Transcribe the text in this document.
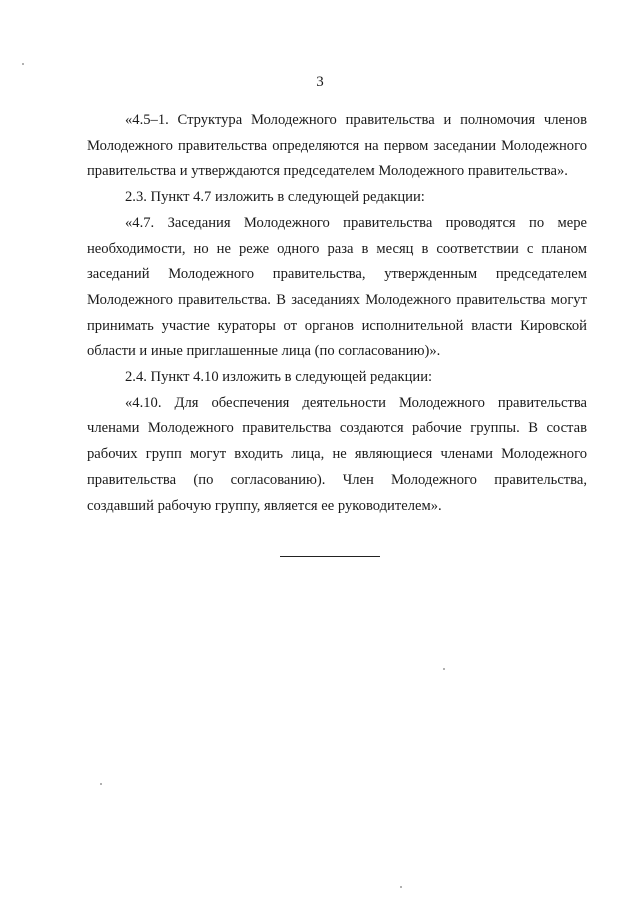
3

«4.5–1. Структура Молодежного правительства и полномочия членов Молодежного правительства определяются на первом заседании Молодежного правительства и утверждаются председателем Молодежного правительства».

2.3. Пункт 4.7 изложить в следующей редакции:

«4.7. Заседания Молодежного правительства проводятся по мере необходимости, но не реже одного раза в месяц в соответствии с планом заседаний Молодежного правительства, утвержденным председателем Молодежного правительства. В заседаниях Молодежного правительства могут принимать участие кураторы от органов исполнительной власти Кировской области и иные приглашенные лица (по согласованию)».

2.4. Пункт 4.10 изложить в следующей редакции:

«4.10. Для обеспечения деятельности Молодежного правительства членами Молодежного правительства создаются рабочие группы. В состав рабочих групп могут входить лица, не являющиеся членами Молодежного правительства (по согласованию). Член Молодежного правительства, создавший рабочую группу, является ее руководителем».
